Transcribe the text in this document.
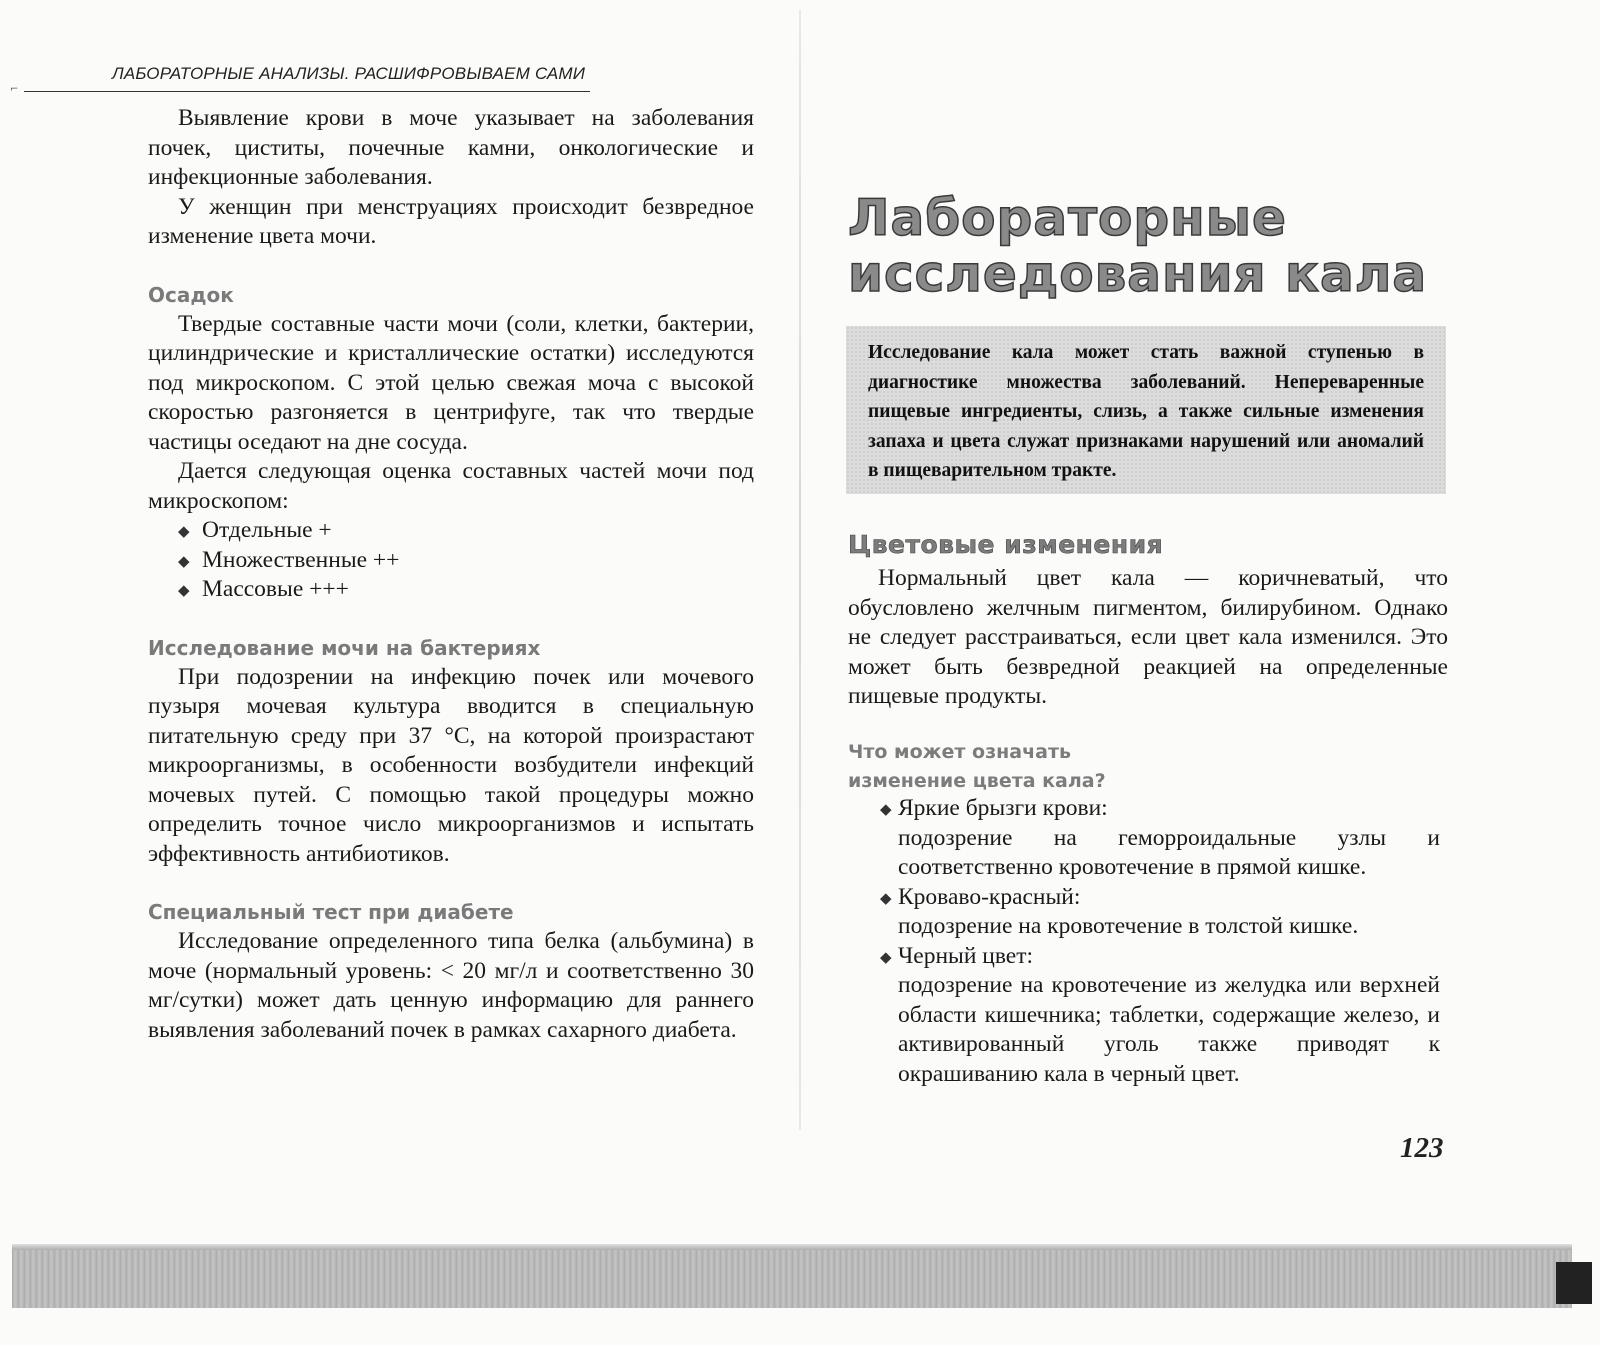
⌐
ЛАБОРАТОРНЫЕ АНАЛИЗЫ. РАСШИФРОВЫВАЕМ САМИ

Выявление крови в моче указывает на заболевания почек, циститы, почечные камни, онкологические и инфекционные заболевания.

У женщин при менструациях происходит безвредное изменение цвета мочи.

Осадок

Твердые составные части мочи (соли, клетки, бактерии, цилиндрические и кристаллические остатки) исследуются под микроскопом. С этой целью свежая моча с высокой скоростью разгоняется в центрифуге, так что твердые частицы оседают на дне сосуда.

Дается следующая оценка составных частей мочи под микроскопом:

◆ Отдельные +
◆ Множественные ++
◆ Массовые +++
Исследование мочи на бактериях

При подозрении на инфекцию почек или мочевого пузыря мочевая культура вводится в специальную питательную среду при 37 °С, на которой произрастают микроорганизмы, в особенности возбудители инфекций мочевых путей. С помощью такой процедуры можно определить точное число микроорганизмов и испытать эффективность антибиотиков.

Специальный тест при диабете

Исследование определенного типа белка (альбумина) в моче (нормальный уровень: < 20 мг/л и соответственно 30 мг/сутки) может дать ценную информацию для раннего выявления заболеваний почек в рамках сахарного диабета.

Лабораторные исследования кала
Исследование кала может стать важной ступенью в диагностике множества заболеваний. Непереваренные пищевые ингредиенты, слизь, а также сильные изменения запаха и цвета служат признаками нарушений или аномалий в пищеварительном тракте.
Цветовые изменения

Нормальный цвет кала — коричневатый, что обусловлено желчным пигментом, билирубином. Однако не следует расстраиваться, если цвет кала изменился. Это может быть безвредной реакцией на определенные пищевые продукты.

Что может означать
изменение цвета кала?
◆ Яркие брызги крови:
подозрение на геморроидальные узлы и соответственно кровотечение в прямой кишке.
◆ Кроваво-красный:
подозрение на кровотечение в толстой кишке.
◆ Черный цвет:
подозрение на кровотечение из желудка или верхней области кишечника; таблетки, содержащие железо, и активированный уголь также приводят к окрашиванию кала в черный цвет.
123
